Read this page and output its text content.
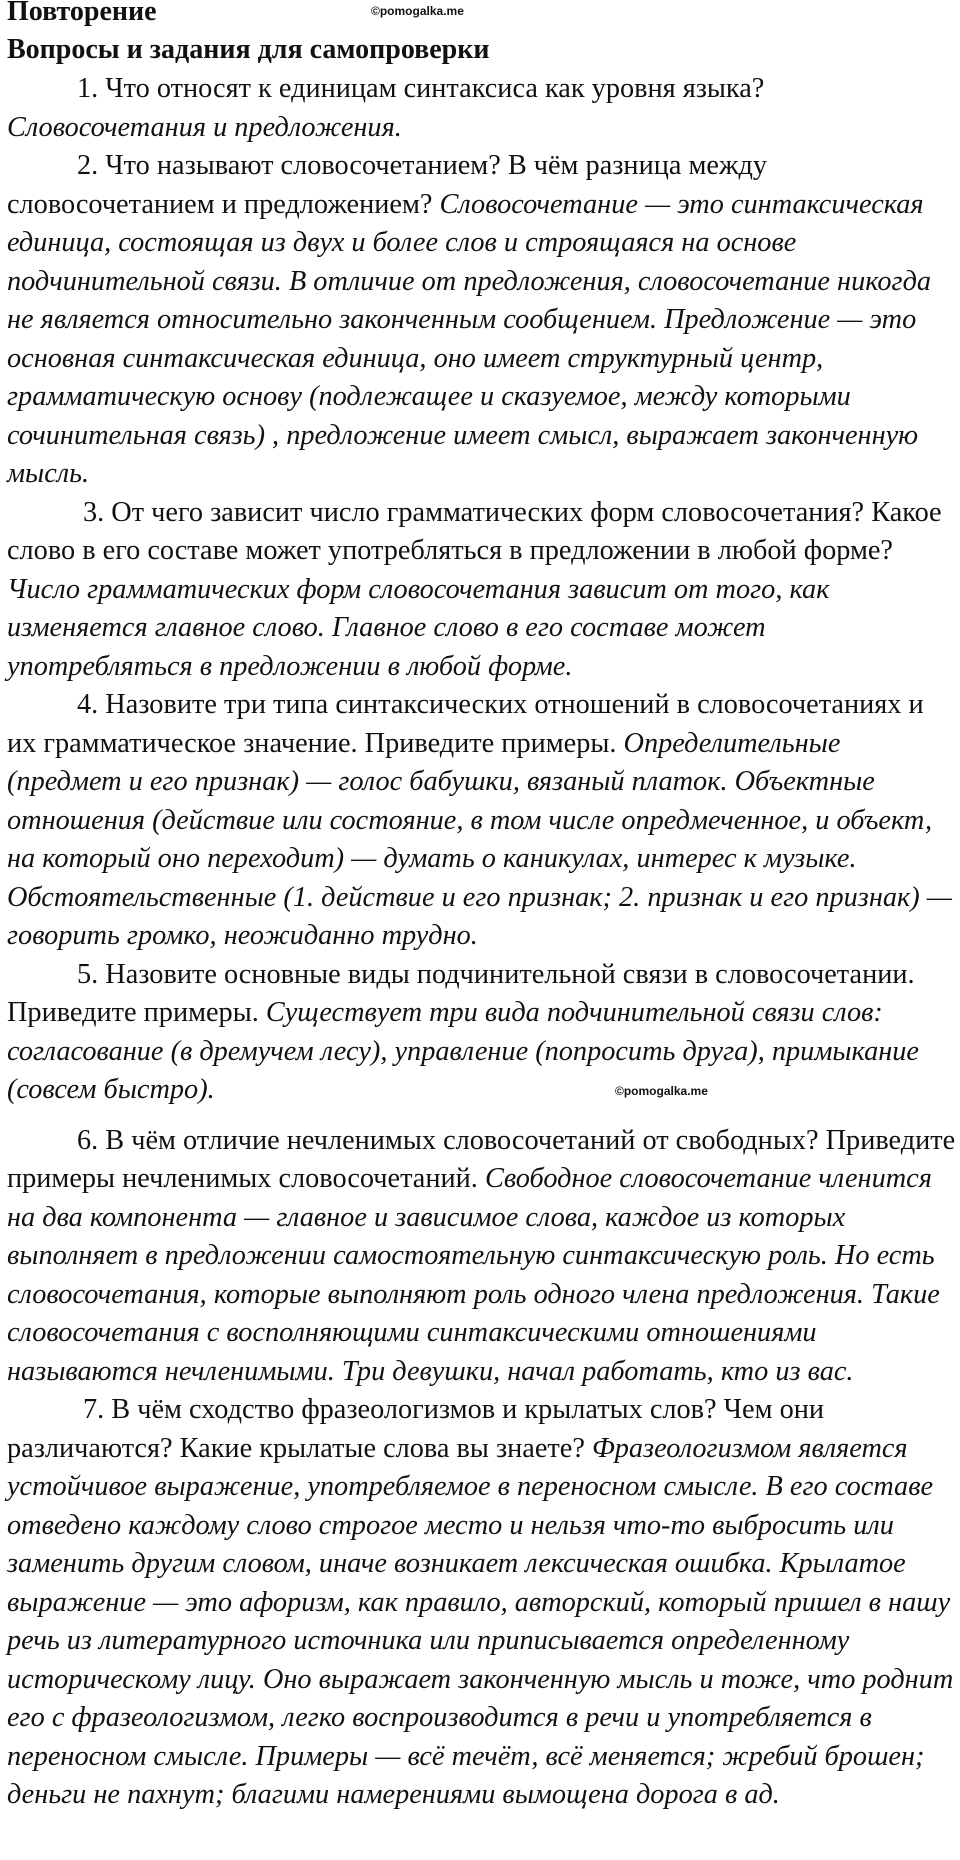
Повторение	©pomogalka.me
Вопросы и задания для самопроверки

1. Что относят к единицам синтаксиса как уровня языка?

Словосочетания и предложения.

2. Что называют словосочетанием? В чём разница между словосочетанием и предложением? Словосочетание — это синтаксическая единица, состоящая из двух и более слов и строящаяся на основе подчинительной связи. В отличие от предложения, словосочетание никогда не является относительно законченным сообщением. Предложение — это основная синтаксическая единица, оно имеет структурный центр, грамматическую основу (подлежащее и сказуемое, между которыми сочинительная связь) , предложение имеет смысл, выражает законченную мысль.

3. От чего зависит число грамматических форм словосочетания? Какое слово в его составе может употребляться в предложении в любой форме? Число грамматических форм словосочетания зависит от того, как изменяется главное слово. Главное слово в его составе может употребляться в предложении в любой форме.

4. Назовите три типа синтаксических отношений в словосочетаниях и их грамматическое значение. Приведите примеры. Определительные (предмет и его признак) — голос бабушки, вязаный платок. Объектные отношения (действие или состояние, в том числе опредмеченное, и объект, на который оно переходит) — думать о каникулах, интерес к музыке. Обстоятельственные (1. действие и его признак; 2. признак и его признак) — говорить громко, неожиданно трудно.

5. Назовите основные виды подчинительной связи в словосочетании. Приведите примеры. Существует три вида подчинительной связи слов: согласование (в дремучем лесу), управление (попросить друга), примыкание (совсем быстро).

6. В чём отличие нечленимых словосочетаний от свободных? Приведите примеры нечленимых словосочетаний. Свободное словосочетание членится на два компонента — главное и зависимое слова, каждое из которых выполняет в предложении самостоятельную синтаксическую роль. Но есть словосочетания, которые выполняют роль одного члена предложения. Такие словосочетания с восполняющими синтаксическими отношениями называются нечленимыми. Три девушки, начал работать, кто из вас.

7. В чём сходство фразеологизмов и крылатых слов? Чем они различаются? Какие крылатые слова вы знаете? Фразеологизмом является устойчивое выражение, употребляемое в переносном смысле. В его составе отведено каждому слово строгое место и нельзя что-то выбросить или заменить другим словом, иначе возникает лексическая ошибка. Крылатое выражение — это афоризм, как правило, авторский, который пришел в нашу речь из литературного источника или приписывается определенному историческому лицу. Оно выражает законченную мысль и тоже, что роднит его с фразеологизмом, легко воспроизводится в речи и употребляется в переносном смысле. Примеры — всё течёт, всё меняется; жребий брошен; деньги не пахнут; благими намерениями вымощена дорога в ад.

©pomogalka.me
